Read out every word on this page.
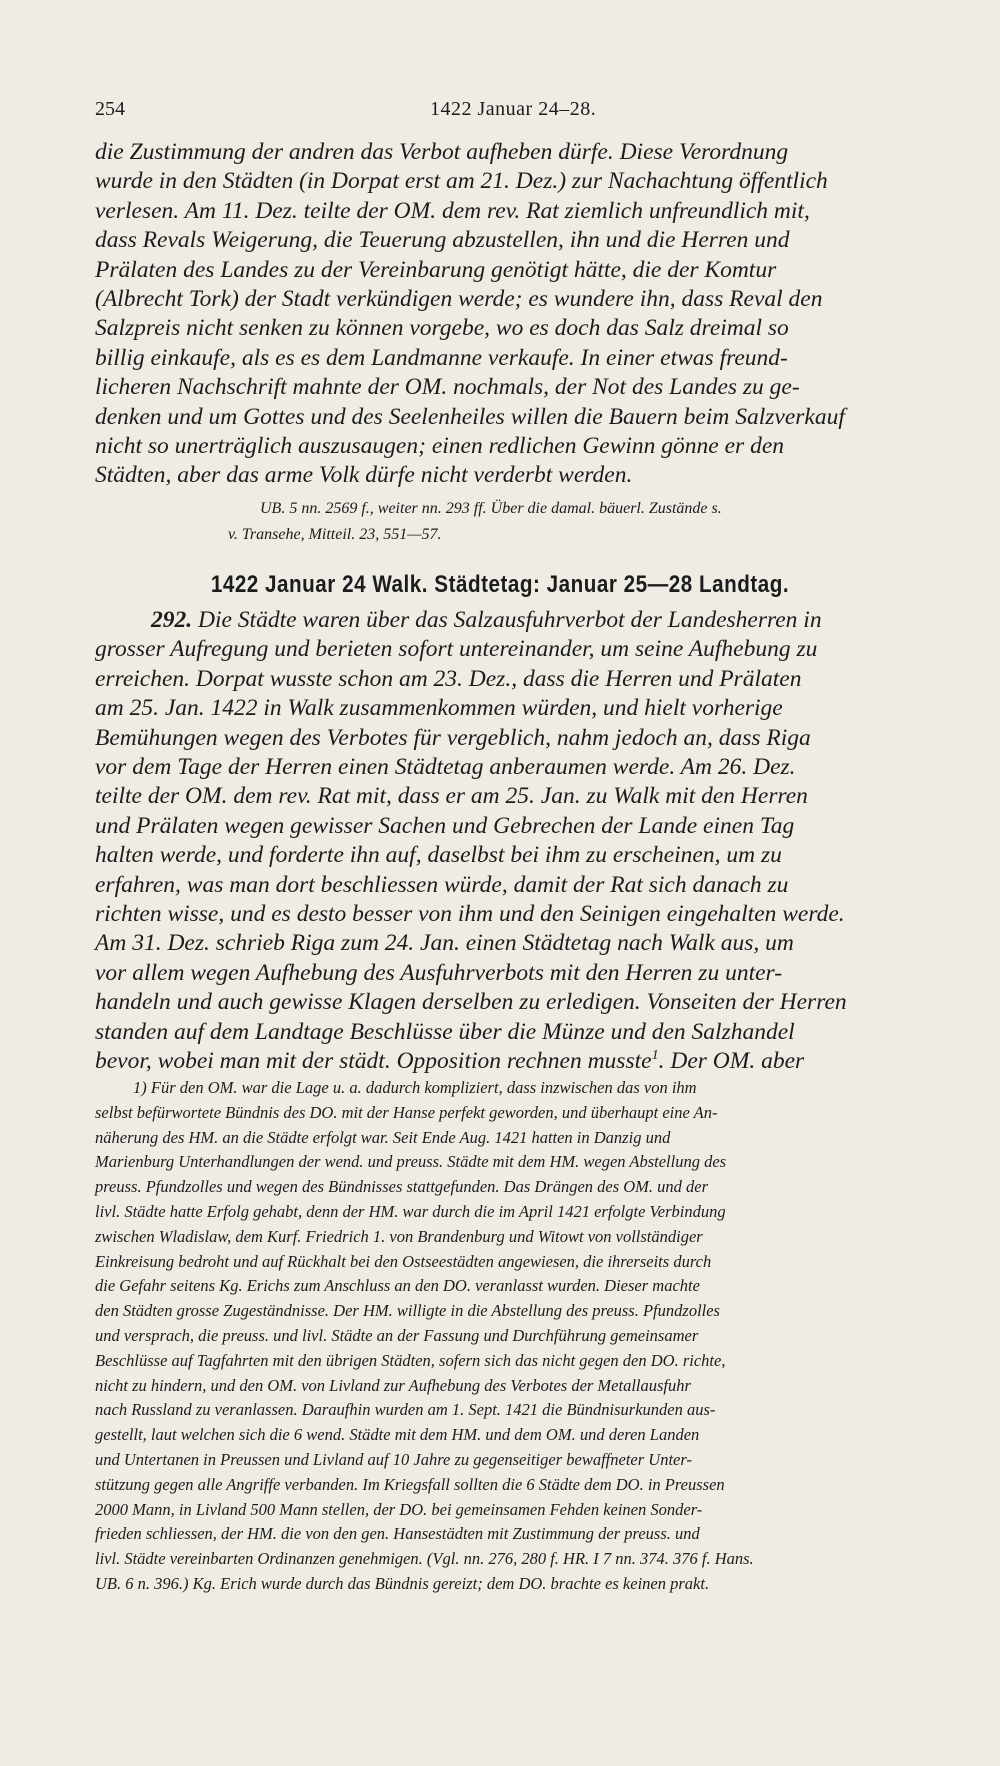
254	1422 Januar 24–28.
die Zustimmung der andren das Verbot aufheben dürfe. Diese Verordnung
wurde in den Städten (in Dorpat erst am 21. Dez.) zur Nachachtung öffentlich
verlesen. Am 11. Dez. teilte der OM. dem rev. Rat ziemlich unfreundlich mit,
dass Revals Weigerung, die Teuerung abzustellen, ihn und die Herren und
Prälaten des Landes zu der Vereinbarung genötigt hätte, die der Komtur
(Albrecht Tork) der Stadt verkündigen werde; es wundere ihn, dass Reval den
Salzpreis nicht senken zu können vorgebe, wo es doch das Salz dreimal so
billig einkaufe, als es es dem Landmanne verkaufe. In einer etwas freund-
licheren Nachschrift mahnte der OM. nochmals, der Not des Landes zu ge-
denken und um Gottes und des Seelenheiles willen die Bauern beim Salzverkauf
nicht so unerträglich auszusaugen; einen redlichen Gewinn gönne er den
Städten, aber das arme Volk dürfe nicht verderbt werden.
UB. 5 nn. 2569 f., weiter nn. 293 ff. Über die damal. bäuerl. Zustände s.
v. Transehe, Mitteil. 23, 551—57.
1422 Januar 24 Walk. Städtetag: Januar 25—28 Landtag.
292. Die Städte waren über das Salzausfuhrverbot der Landesherren in
grosser Aufregung und berieten sofort untereinander, um seine Aufhebung zu
erreichen. Dorpat wusste schon am 23. Dez., dass die Herren und Prälaten
am 25. Jan. 1422 in Walk zusammenkommen würden, und hielt vorherige
Bemühungen wegen des Verbotes für vergeblich, nahm jedoch an, dass Riga
vor dem Tage der Herren einen Städtetag anberaumen werde. Am 26. Dez.
teilte der OM. dem rev. Rat mit, dass er am 25. Jan. zu Walk mit den Herren
und Prälaten wegen gewisser Sachen und Gebrechen der Lande einen Tag
halten werde, und forderte ihn auf, daselbst bei ihm zu erscheinen, um zu
erfahren, was man dort beschliessen würde, damit der Rat sich danach zu
richten wisse, und es desto besser von ihm und den Seinigen eingehalten werde.
Am 31. Dez. schrieb Riga zum 24. Jan. einen Städtetag nach Walk aus, um
vor allem wegen Aufhebung des Ausfuhrverbots mit den Herren zu unter-
handeln und auch gewisse Klagen derselben zu erledigen. Vonseiten der Herren
standen auf dem Landtage Beschlüsse über die Münze und den Salzhandel
bevor, wobei man mit der städt. Opposition rechnen musste$^1$. Der OM. aber
1) Für den OM. war die Lage u. a. dadurch kompliziert, dass inzwischen das von ihm
selbst befürwortete Bündnis des DO. mit der Hanse perfekt geworden, und überhaupt eine An-
näherung des HM. an die Städte erfolgt war. Seit Ende Aug. 1421 hatten in Danzig und
Marienburg Unterhandlungen der wend. und preuss. Städte mit dem HM. wegen Abstellung des
preuss. Pfundzolles und wegen des Bündnisses stattgefunden. Das Drängen des OM. und der
livl. Städte hatte Erfolg gehabt, denn der HM. war durch die im April 1421 erfolgte Verbindung
zwischen Wladislaw, dem Kurf. Friedrich 1. von Brandenburg und Witowt von vollständiger
Einkreisung bedroht und auf Rückhalt bei den Ostseestädten angewiesen, die ihrerseits durch
die Gefahr seitens Kg. Erichs zum Anschluss an den DO. veranlasst wurden. Dieser machte
den Städten grosse Zugeständnisse. Der HM. willigte in die Abstellung des preuss. Pfundzolles
und versprach, die preuss. und livl. Städte an der Fassung und Durchführung gemeinsamer
Beschlüsse auf Tagfahrten mit den übrigen Städten, sofern sich das nicht gegen den DO. richte,
nicht zu hindern, und den OM. von Livland zur Aufhebung des Verbotes der Metallausfuhr
nach Russland zu veranlassen. Daraufhin wurden am 1. Sept. 1421 die Bündnisurkunden aus-
gestellt, laut welchen sich die 6 wend. Städte mit dem HM. und dem OM. und deren Landen
und Untertanen in Preussen und Livland auf 10 Jahre zu gegenseitiger bewaffneter Unter-
stützung gegen alle Angriffe verbanden. Im Kriegsfall sollten die 6 Städte dem DO. in Preussen
2000 Mann, in Livland 500 Mann stellen, der DO. bei gemeinsamen Fehden keinen Sonder-
frieden schliessen, der HM. die von den gen. Hansestädten mit Zustimmung der preuss. und
livl. Städte vereinbarten Ordinanzen genehmigen. (Vgl. nn. 276, 280 f. HR. I 7 nn. 374. 376 f. Hans.
UB. 6 n. 396.) Kg. Erich wurde durch das Bündnis gereizt; dem DO. brachte es keinen prakt.
